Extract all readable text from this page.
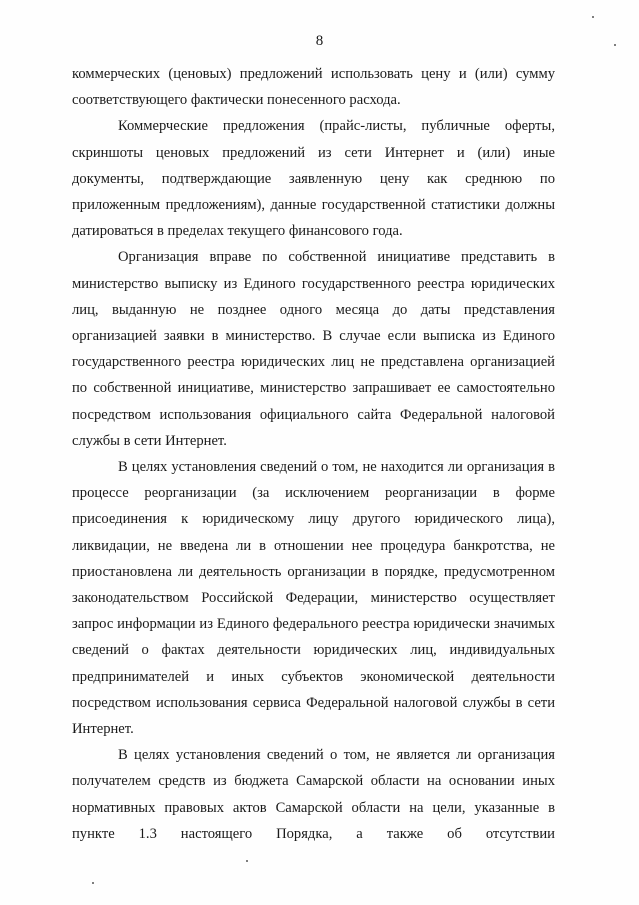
8

коммерческих (ценовых) предложений использовать цену и (или) сумму соответствующего фактически понесенного расхода.

Коммерческие предложения (прайс-листы, публичные оферты, скриншоты ценовых предложений из сети Интернет и (или) иные документы, подтверждающие заявленную цену как среднюю по приложенным предложениям), данные государственной статистики должны датироваться в пределах текущего финансового года.

Организация вправе по собственной инициативе представить в министерство выписку из Единого государственного реестра юридических лиц, выданную не позднее одного месяца до даты представления организацией заявки в министерство. В случае если выписка из Единого государственного реестра юридических лиц не представлена организацией по собственной инициативе, министерство запрашивает ее самостоятельно посредством использования официального сайта Федеральной налоговой службы в сети Интернет.

В целях установления сведений о том, не находится ли организация в процессе реорганизации (за исключением реорганизации в форме присоединения к юридическому лицу другого юридического лица), ликвидации, не введена ли в отношении нее процедура банкротства, не приостановлена ли деятельность организации в порядке, предусмотренном законодательством Российской Федерации, министерство осуществляет запрос информации из Единого федерального реестра юридически значимых сведений о фактах деятельности юридических лиц, индивидуальных предпринимателей и иных субъектов экономической деятельности посредством использования сервиса Федеральной налоговой службы в сети Интернет.

В целях установления сведений о том, не является ли организация получателем средств из бюджета Самарской области на основании иных нормативных правовых актов Самарской области на цели, указанные в пункте 1.3 настоящего Порядка, а также об отсутствии
